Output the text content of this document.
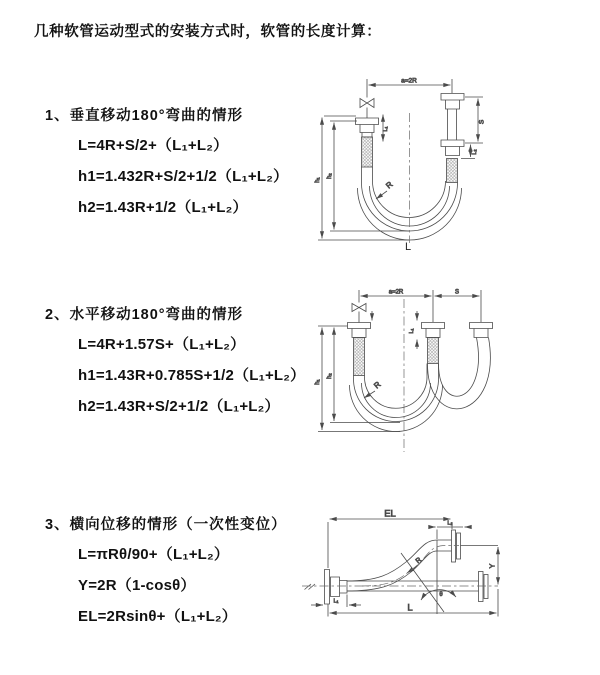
几种软管运动型式的安装方式时，软管的长度计算：
1、垂直移动180°弯曲的情形
L=4R+S/2+（L₁+L₂）
h1=1.432R+S/2+1/2（L₁+L₂）
h2=1.43R+1/2（L₁+L₂）
a=2R
h₁
h₂
L₁
S
L₂
R
L
2、水平移动180°弯曲的情形
L=4R+1.57S+（L₁+L₂）
h1=1.43R+0.785S+1/2（L₁+L₂）
h2=1.43R+S/2+1/2（L₁+L₂）
a=2R	S
h₁
h₂
L₁
R
3、横向位移的情形（一次性变位）
L=πRθ/90+（L₁+L₂）
Y=2R（1-cosθ）
EL=2Rsinθ+（L₁+L₂）
EL
L₂
Y
θ
R
L
L₁
